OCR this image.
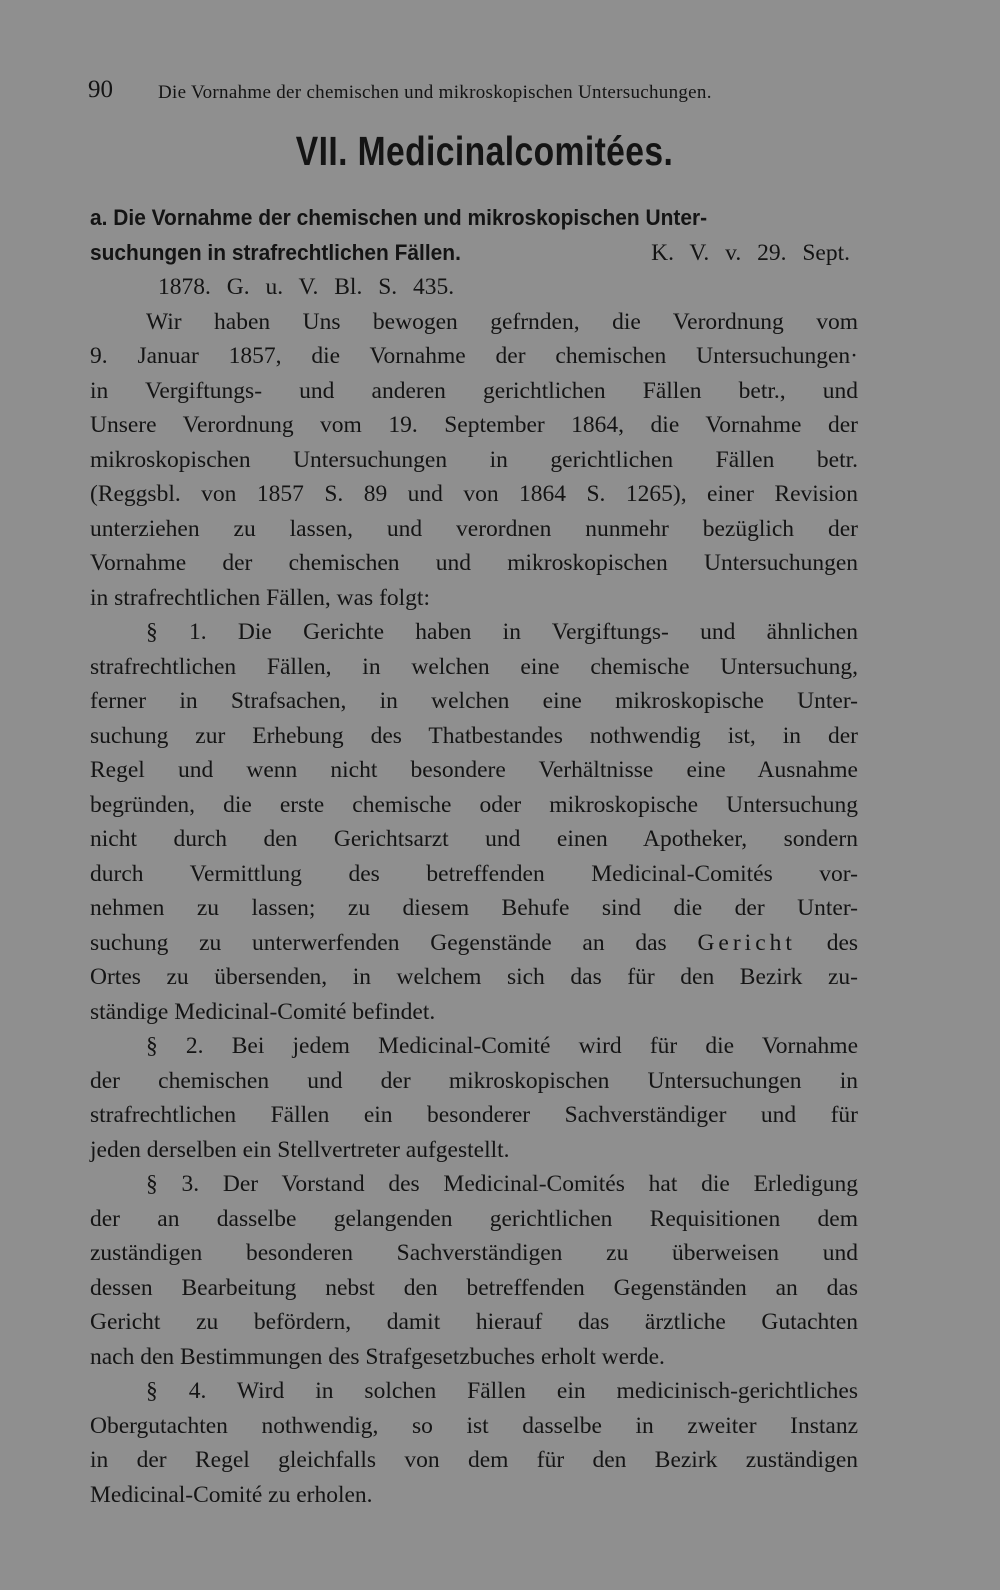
90 Die Vornahme der chemischen und mikroskopischen Untersuchungen.
VII. Medicinalcomitées.
a. Die Vornahme der chemischen und mikroskopischen Unter-
suchungen in strafrechtlichen Fällen.	K. V. v. 29. Sept.
1878. G. u. V. Bl. S. 435.
Wir haben Uns bewogen gefrnden, die Verordnung vom
9. Januar 1857, die Vornahme der chemischen Untersuchungen·
in Vergiftungs- und anderen gerichtlichen Fällen betr., und
Unsere Verordnung vom 19. September 1864, die Vornahme der
mikroskopischen Untersuchungen in gerichtlichen Fällen betr.
(Reggsbl. von 1857 S. 89 und von 1864 S. 1265), einer Revision
unterziehen zu lassen, und verordnen nunmehr bezüglich der
Vornahme der chemischen und mikroskopischen Untersuchungen
in strafrechtlichen Fällen, was folgt:
§ 1. Die Gerichte haben in Vergiftungs- und ähnlichen
strafrechtlichen Fällen, in welchen eine chemische Untersuchung,
ferner in Strafsachen, in welchen eine mikroskopische Unter-
suchung zur Erhebung des Thatbestandes nothwendig ist, in der
Regel und wenn nicht besondere Verhältnisse eine Ausnahme
begründen, die erste chemische oder mikroskopische Untersuchung
nicht durch den Gerichtsarzt und einen Apotheker, sondern
durch Vermittlung des betreffenden Medicinal-Comités vor-
nehmen zu lassen; zu diesem Behufe sind die der Unter-
suchung zu unterwerfenden Gegenstände an das Gericht des
Ortes zu übersenden, in welchem sich das für den Bezirk zu-
ständige Medicinal-Comité befindet.
§ 2. Bei jedem Medicinal-Comité wird für die Vornahme
der chemischen und der mikroskopischen Untersuchungen in
strafrechtlichen Fällen ein besonderer Sachverständiger und für
jeden derselben ein Stellvertreter aufgestellt.
§ 3. Der Vorstand des Medicinal-Comités hat die Erledigung
der an dasselbe gelangenden gerichtlichen Requisitionen dem
zuständigen besonderen Sachverständigen zu überweisen und
dessen Bearbeitung nebst den betreffenden Gegenständen an das
Gericht zu befördern, damit hierauf das ärztliche Gutachten
nach den Bestimmungen des Strafgesetzbuches erholt werde.
§ 4. Wird in solchen Fällen ein medicinisch-gerichtliches
Obergutachten nothwendig, so ist dasselbe in zweiter Instanz
in der Regel gleichfalls von dem für den Bezirk zuständigen
Medicinal-Comité zu erholen.
